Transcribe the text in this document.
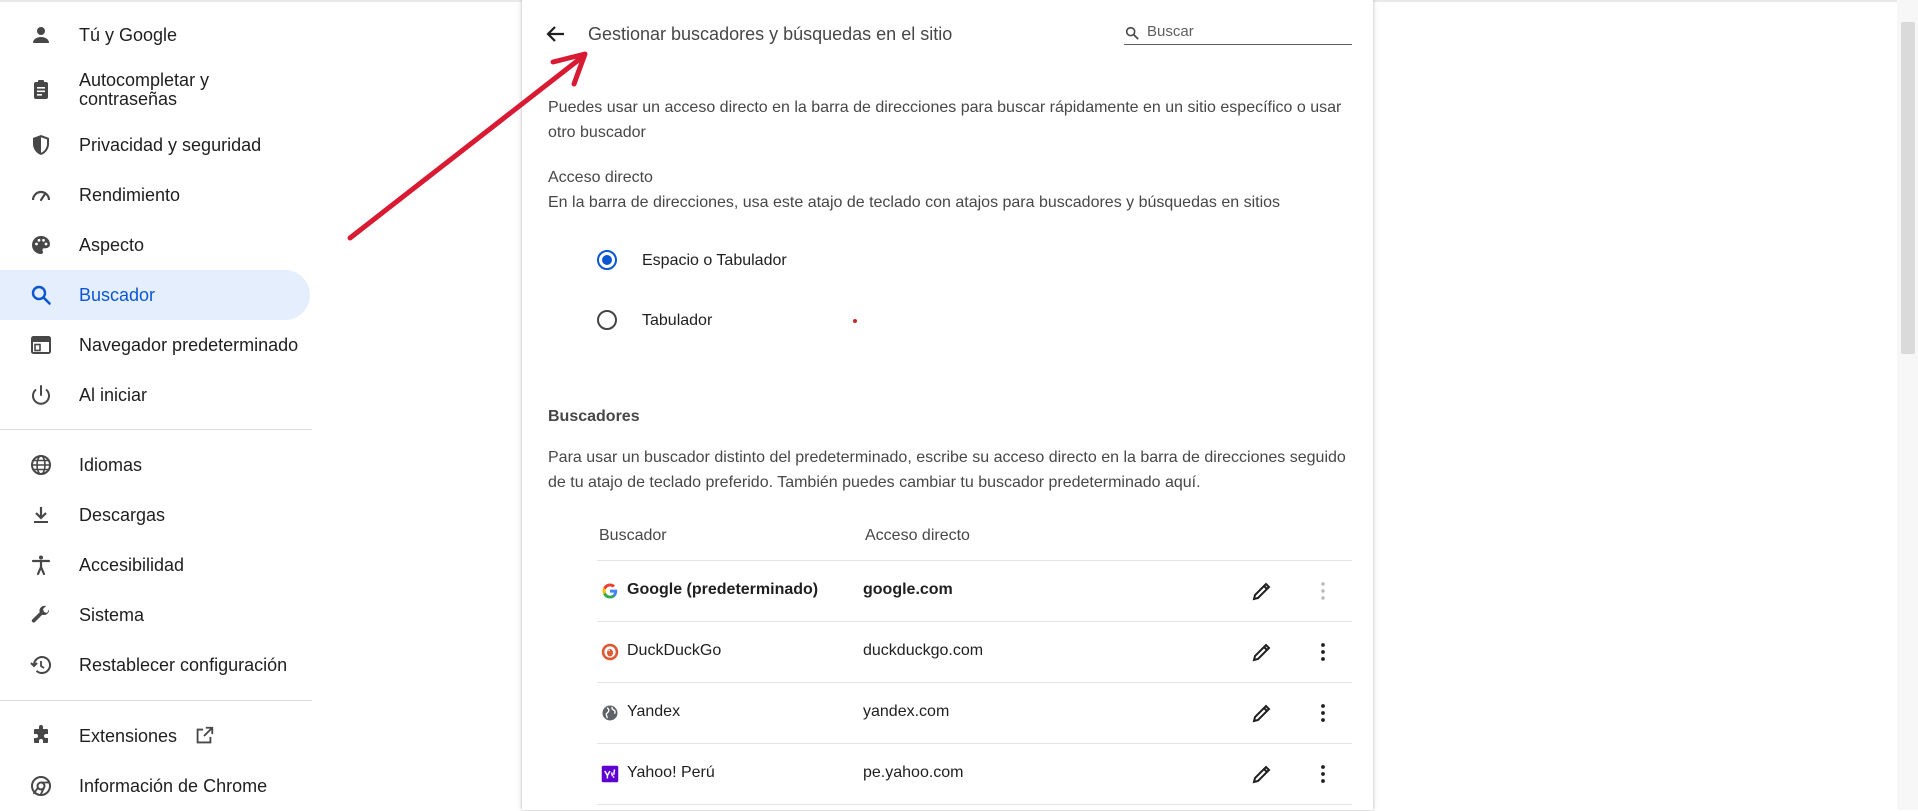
Tú y Google
Autocompletar y contraseñas
Privacidad y seguridad
Rendimiento
Aspecto
Buscador
Navegador predeterminado
Al iniciar
Idiomas
Descargas
Accesibilidad
Sistema
Restablecer configuración
Extensiones
Información de Chrome
Gestionar buscadores y búsquedas en el sitio
Buscar
Puedes usar un acceso directo en la barra de direcciones para buscar rápidamente en un sitio específico o usar otro buscador
Acceso directo
En la barra de direcciones, usa este atajo de teclado con atajos para buscadores y búsquedas en sitios
Espacio o Tabulador
Tabulador
Buscadores
Para usar un buscador distinto del predeterminado, escribe su acceso directo en la barra de direcciones seguido de tu atajo de teclado preferido. También puedes cambiar tu buscador predeterminado aquí.
Buscador	Acceso directo
Google (predeterminado)	google.com
DuckDuckGo	duckduckgo.com
Yandex	yandex.com
Yahoo! Perú	pe.yahoo.com
